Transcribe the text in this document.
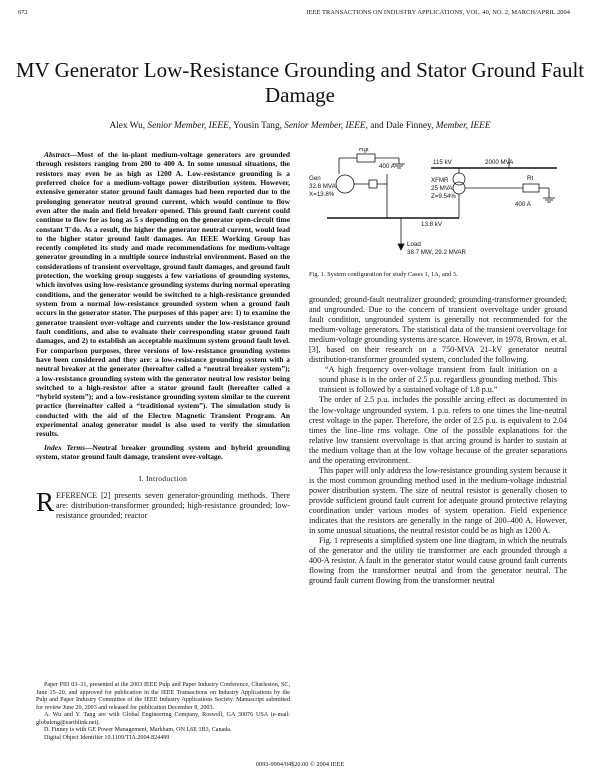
672	IEEE TRANSACTIONS ON INDUSTRY APPLICATIONS, VOL. 40, NO. 2, MARCH/APRIL 2004
MV Generator Low-Resistance Grounding and Stator Ground Fault Damage
Alex Wu, Senior Member, IEEE, Yousin Tang, Senior Member, IEEE, and Dale Finney, Member, IEEE

Abstract—Most of the in-plant medium-voltage generators are grounded through resistors ranging from 200 to 400 A. In some unusual situations, the resistors may even be as high as 1200 A. Low-resistance grounding is a preferred choice for a medium-voltage power distribution system. However, extensive generator stator ground fault damages had been reported due to the prolonging generator neutral ground current, which would continue to flow even after the main and field breaker opened. This ground fault current could continue to flow for as long as 5 s depending on the generator open-circuit time constant T′do. As a result, the higher the generator neutral current, would lead to the higher stator ground fault damages. An IEEE Working Group has recently completed its study and made recommendations for medium-voltage generator grounding in a multiple source industrial environment. Based on the considerations of transient overvoltage, ground fault damages, and ground fault protection, the working group suggests a few variations of grounding systems, which involves using low-resistance grounding systems during normal operating conditions, and the generator would be switched to a high-resistance grounded system from a normal low-resistance grounded system when a ground fault occurs in the generator stator. The purposes of this paper are: 1) to examine the generator transient over-voltage and currents under the low-resistance ground fault conditions, and also to evaluate their corresponding stator ground fault damages, and 2) to establish an acceptable maximum system ground fault level. For comparison purposes, three versions of low-resistance grounding systems have been considered and they are: a low-resistance grounding system with a neutral breaker at the generator (hereafter called a “neutral breaker system”); a low-resistance grounding system with the generator neutral low resistor being switched to a high-resistor after a stator ground fault (hereafter called a “hybrid system”); and a low-resistance grounding system similar to the current practice (hereinafter called a “traditional system”). The simulation study is conducted with the aid of the Electro Magnetic Transient Program. An experimental analog generator model is also used to verify the simulation results.

Index Terms—Neutral breaker grounding system and hybrid grounding system, stator ground fault damage, transient over-voltage.

I. Introduction

REFERENCE [2] presents seven generator-grounding methods. There are: distribution-transformer grounded; high-resistance grounded; low-resistance grounded; reactor

Paper PID 03–31, presented at the 2003 IEEE Pulp and Paper Industry Conference, Charleston, SC, June 15–20, and approved for publication in the IEEE Transactions on Industry Applications by the Pulp and Paper Industry Committee of the IEEE Industry Applications Society. Manuscript submitted for review June 20, 2003 and released for publication December 8, 2003.

A. Wu and Y. Tang are with Global Engineering Company, Roswell, GA 30076 USA (e-mail: globaleng@earthlink.net).

D. Finney is with GE Power Management, Markham, ON L6E 1B3, Canada.

Digital Object Identifier 10.1109/TIA.2004.824499

Rgt
400 A
Gen
32.8 MVA
X=13.8%
13.8 kV
115 kV	2000 MVA
XFMR
25 MVA
Z=9.54%
Rt
400 A
Load
38.7 MW, 29.2 MVAR
Fig. 1. System configuration for study Cases 1, 1A, and 3.

grounded; ground-fault neutralizer grounded; grounding-transformer grounded; and ungrounded. Due to the concern of transient overvoltage under ground fault condition, ungrounded system is generally not recommended for the medium-voltage generators. The statistical data of the transient overvoltage for medium-voltage grounding systems are scarce. However, in 1978, Brown, et al. [3], based on their research on a 750-MVA 21–kV generator neutral distribution-transformer grounded system, concluded the following.

“A high frequency over-voltage transient from fault initiation on a sound phase is in the order of 2.5 p.u. regardless grounding method. This transient is followed by a sustained voltage of 1.8 p.u.”

The order of 2.5 p.u. includes the possible arcing effect as documented in the low-voltage ungrounded system. 1 p.u. refers to one times the line-neutral crest voltage in the paper. Therefore, the order of 2.5 p.u. is equivalent to 2.04 times the line–line rms voltage. One of the possible explanations for the relative low transient overvoltage is that arcing ground is harder to sustain at the medium voltage than at the low voltage because of the greater separations and the operating environment.

This paper will only address the low-resistance grounding system because it is the most common grounding method used in the medium-voltage industrial power distribution system. The size of neutral resistor is generally chosen to provide sufficient ground fault current for adequate ground protective relaying coordination under various modes of system operation. Field experience indicates that the resistors are generally in the range of 200–400 A. However, in some unusual situations, the neutral resistor could be as high as 1200 A.

Fig. 1 represents a simplified system one line diagram, in which the neutrals of the generator and the utility tie transformer are each grounded through a 400-A resistor. A fault in the generator stator would cause ground fault currents flowing from the transformer neutral and from the generator neutral. The ground fault current flowing from the transformer neutral

0093-9994/04$20.00 © 2004 IEEE
